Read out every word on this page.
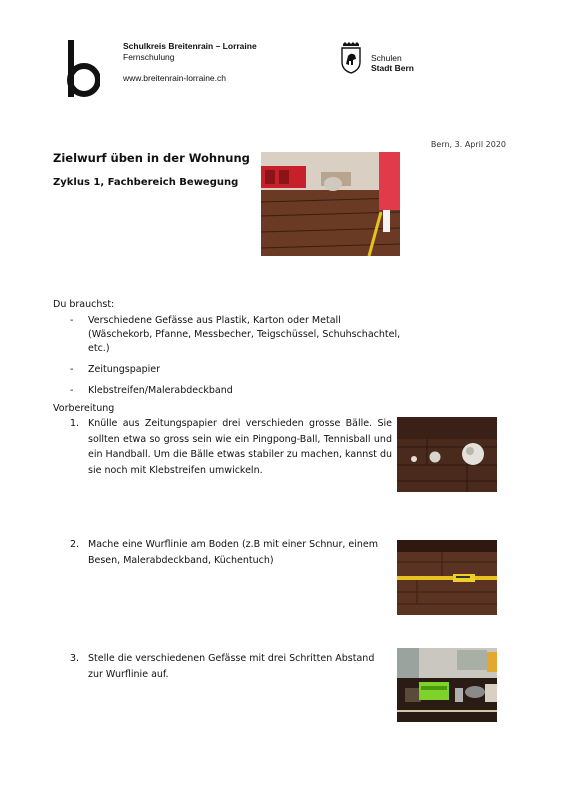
Schulkreis Breitenrain – Lorraine
Fernschulung
www.breitenrain-lorraine.ch
Schulen
Stadt Bern
Bern, 3. April 2020
Zielwurf üben in der Wohnung
Zyklus 1, Fachbereich Bewegung
Du brauchst:
- Verschiedene Gefässe aus Plastik, Karton oder Metall
(Wäschekorb, Pfanne, Messbecher, Teigschüssel, Schuhschachtel, etc.)
- Zeitungspapier
- Klebstreifen/Malerabdeckband
Vorbereitung
1. Knülle aus Zeitungspapier drei verschieden grosse Bälle. Sie sollten etwa so gross sein wie ein Pingpong-Ball, Tennisball und ein Handball. Um die Bälle etwas stabiler zu machen, kannst du sie noch mit Klebstreifen umwickeln.
2. Mache eine Wurflinie am Boden (z.B mit einer Schnur, einem Besen, Malerabdeckband, Küchentuch)
3. Stelle die verschiedenen Gefässe mit drei Schritten Abstand zur Wurflinie auf.
